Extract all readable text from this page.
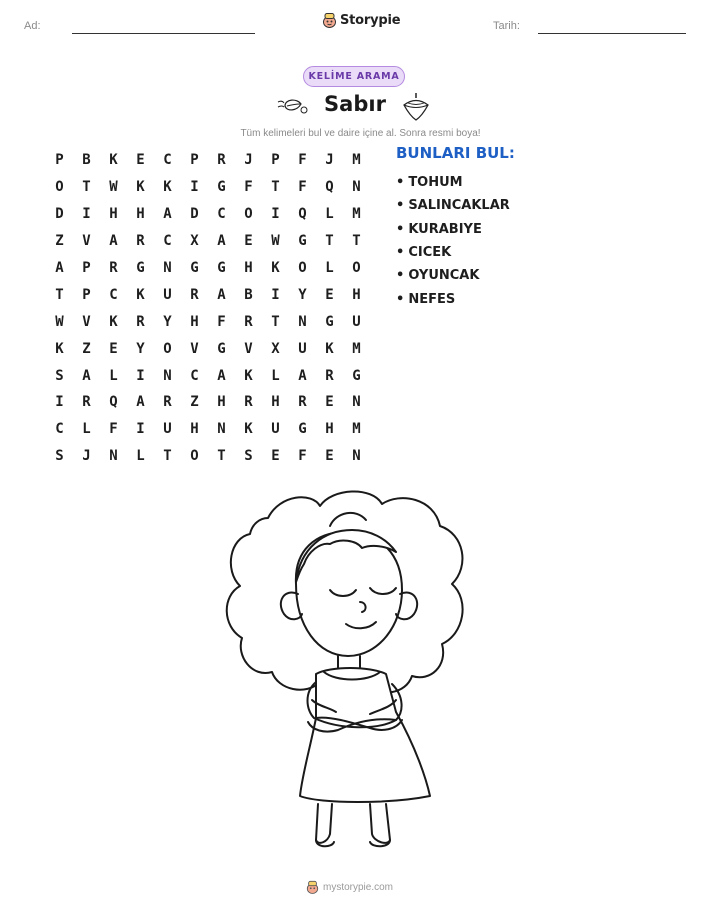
Ad:	Storypie	Tarih:
KELİME ARAMA
Sabır
Tüm kelimeleri bul ve daire içine al. Sonra resmi boya!
P	B	K	E	C	P	R	J	P	F	J	M
O	T	W	K	K	I	G	F	T	F	Q	N
D	I	H	H	A	D	C	O	I	Q	L	M
Z	V	A	R	C	X	A	E	W	G	T	T
A	P	R	G	N	G	G	H	K	O	L	O
T	P	C	K	U	R	A	B	I	Y	E	H
W	V	K	R	Y	H	F	R	T	N	G	U
K	Z	E	Y	O	V	G	V	X	U	K	M
S	A	L	I	N	C	A	K	L	A	R	G
I	R	Q	A	R	Z	H	R	H	R	E	N
C	L	F	I	U	H	N	K	U	G	H	M
S	J	N	L	T	O	T	S	E	F	E	N
BUNLARI BUL:
• TOHUM
• SALINCAKLAR
• KURABIYE
• CICEK
• OYUNCAK
• NEFES
mystorypie.com
